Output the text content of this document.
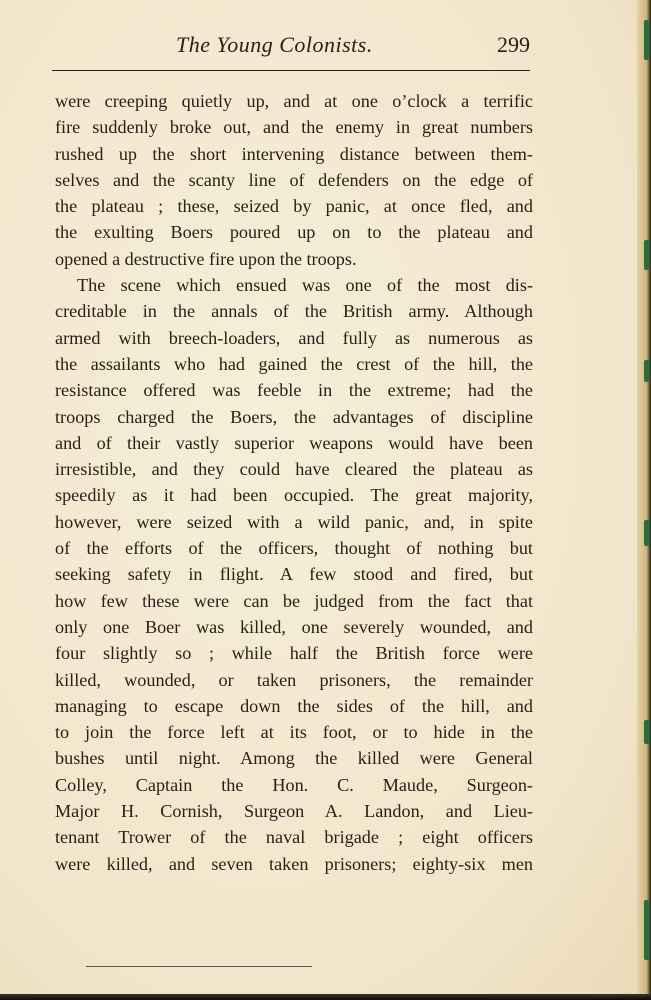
The Young Colonists.	299
were creeping quietly up, and at one o’clock a terrific
fire suddenly broke out, and the enemy in great numbers
rushed up the short intervening distance between them-
selves and the scanty line of defenders on the edge of
the plateau ; these, seized by panic, at once fled, and
the exulting Boers poured up on to the plateau and
opened a destructive fire upon the troops.
The scene which ensued was one of the most dis-
creditable in the annals of the British army. Although
armed with breech-loaders, and fully as numerous as
the assailants who had gained the crest of the hill, the
resistance offered was feeble in the extreme; had the
troops charged the Boers, the advantages of discipline
and of their vastly superior weapons would have been
irresistible, and they could have cleared the plateau as
speedily as it had been occupied. The great majority,
however, were seized with a wild panic, and, in spite
of the efforts of the officers, thought of nothing but
seeking safety in flight. A few stood and fired, but
how few these were can be judged from the fact that
only one Boer was killed, one severely wounded, and
four slightly so ; while half the British force were
killed, wounded, or taken prisoners, the remainder
managing to escape down the sides of the hill, and
to join the force left at its foot, or to hide in the
bushes until night. Among the killed were General
Colley, Captain the Hon. C. Maude, Surgeon-
Major H. Cornish, Surgeon A. Landon, and Lieu-
tenant Trower of the naval brigade ; eight officers
were killed, and seven taken prisoners; eighty-six men
